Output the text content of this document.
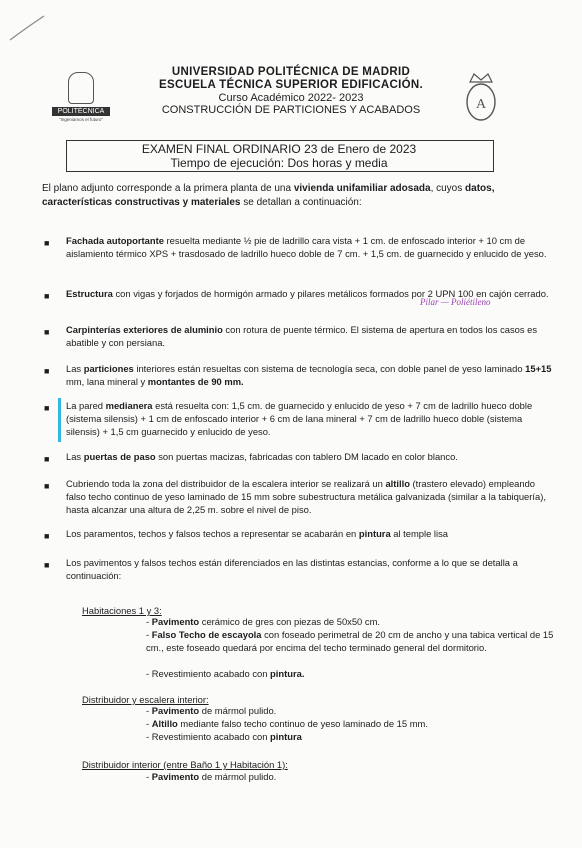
POLITÉCNICA
"Ingeniamos el futuro"
A
UNIVERSIDAD POLITÉCNICA DE MADRID
ESCUELA TÉCNICA SUPERIOR EDIFICACIÓN.
Curso Académico 2022- 2023
CONSTRUCCIÓN DE PARTICIONES Y ACABADOS
EXAMEN FINAL ORDINARIO 23 de Enero de 2023
Tiempo de ejecución: Dos horas y media
El plano adjunto corresponde a la primera planta de una vivienda unifamiliar adosada, cuyos datos, características constructivas y materiales se detallan a continuación:
■ Fachada autoportante resuelta mediante ½ pie de ladrillo cara vista + 1 cm. de enfoscado interior + 10 cm de aislamiento térmico XPS + trasdosado de ladrillo hueco doble de 7 cm. + 1,5 cm. de guarnecido y enlucido de yeso.
■ Estructura con vigas y forjados de hormigón armado y pilares metálicos formados por 2 UPN 100 en cajón cerrado.
Pilar — Poliétileno
■ Carpinterías exteriores de aluminio con rotura de puente térmico. El sistema de apertura en todos los casos es abatible y con persiana.
■ Las particiones interiores están resueltas con sistema de tecnología seca, con doble panel de yeso laminado 15+15 mm, lana mineral y montantes de 90 mm.
■ La pared medianera está resuelta con: 1,5 cm. de guarnecido y enlucido de yeso + 7 cm de ladrillo hueco doble (sistema silensis) + 1 cm de enfoscado interior + 6 cm de lana mineral + 7 cm de ladrillo hueco doble (sistema silensis) + 1,5 cm guarnecido y enlucido de yeso.
■ Las puertas de paso son puertas macizas, fabricadas con tablero DM lacado en color blanco.
■ Cubriendo toda la zona del distribuidor de la escalera interior se realizará un altillo (trastero elevado) empleando falso techo continuo de yeso laminado de 15 mm sobre subestructura metálica galvanizada (similar a la tabiquería), hasta alcanzar una altura de 2,25 m. sobre el nivel de piso.
■ Los paramentos, techos y falsos techos a representar se acabarán en pintura al temple lisa
■ Los pavimentos y falsos techos están diferenciados en las distintas estancias, conforme a lo que se detalla a continuación:
Habitaciones 1 y 3:
- Pavimento cerámico de gres con piezas de 50x50 cm.
- Falso Techo de escayola con foseado perimetral de 20 cm de ancho y una tabica vertical de 15 cm., este foseado quedará por encima del techo terminado general del dormitorio.
- Revestimiento acabado con pintura.
Distribuidor y escalera interior:
- Pavimento de mármol pulido.
- Altillo mediante falso techo continuo de yeso laminado de 15 mm.
- Revestimiento acabado con pintura
Distribuidor interior (entre Baño 1 y Habitación 1):
- Pavimento de mármol pulido.
